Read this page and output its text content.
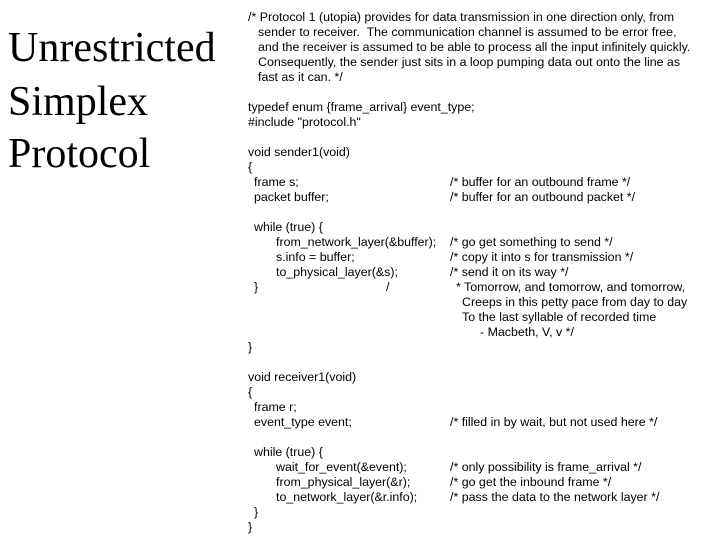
Unrestricted
Simplex
Protocol
/* Protocol 1 (utopia) provides for data transmission in one direction only, from
sender to receiver.  The communication channel is assumed to be error free,
and the receiver is assumed to be able to process all the input infinitely quickly.
Consequently, the sender just sits in a loop pumping data out onto the line as
fast as it can. */
typedef enum {frame_arrival} event_type;
#include "protocol.h"
void sender1(void)
{
frame s;	/* buffer for an outbound frame */
packet buffer;	/* buffer for an outbound packet */
while (true) {
from_network_layer(&buffer); /* go get something to send */
s.info = buffer;	/* copy it into s for transmission */
to_physical_layer(&s);	/* send it on its way */
}	/	* Tomorrow, and tomorrow, and tomorrow,
Creeps in this petty pace from day to day
To the last syllable of recorded time
- Macbeth, V, v */
}
void receiver1(void)
{
frame r;
event_type event;	/* filled in by wait, but not used here */
while (true) {
wait_for_event(&event);	/* only possibility is frame_arrival */
from_physical_layer(&r);	/* go get the inbound frame */
to_network_layer(&r.info);	/* pass the data to the network layer */
}
}
